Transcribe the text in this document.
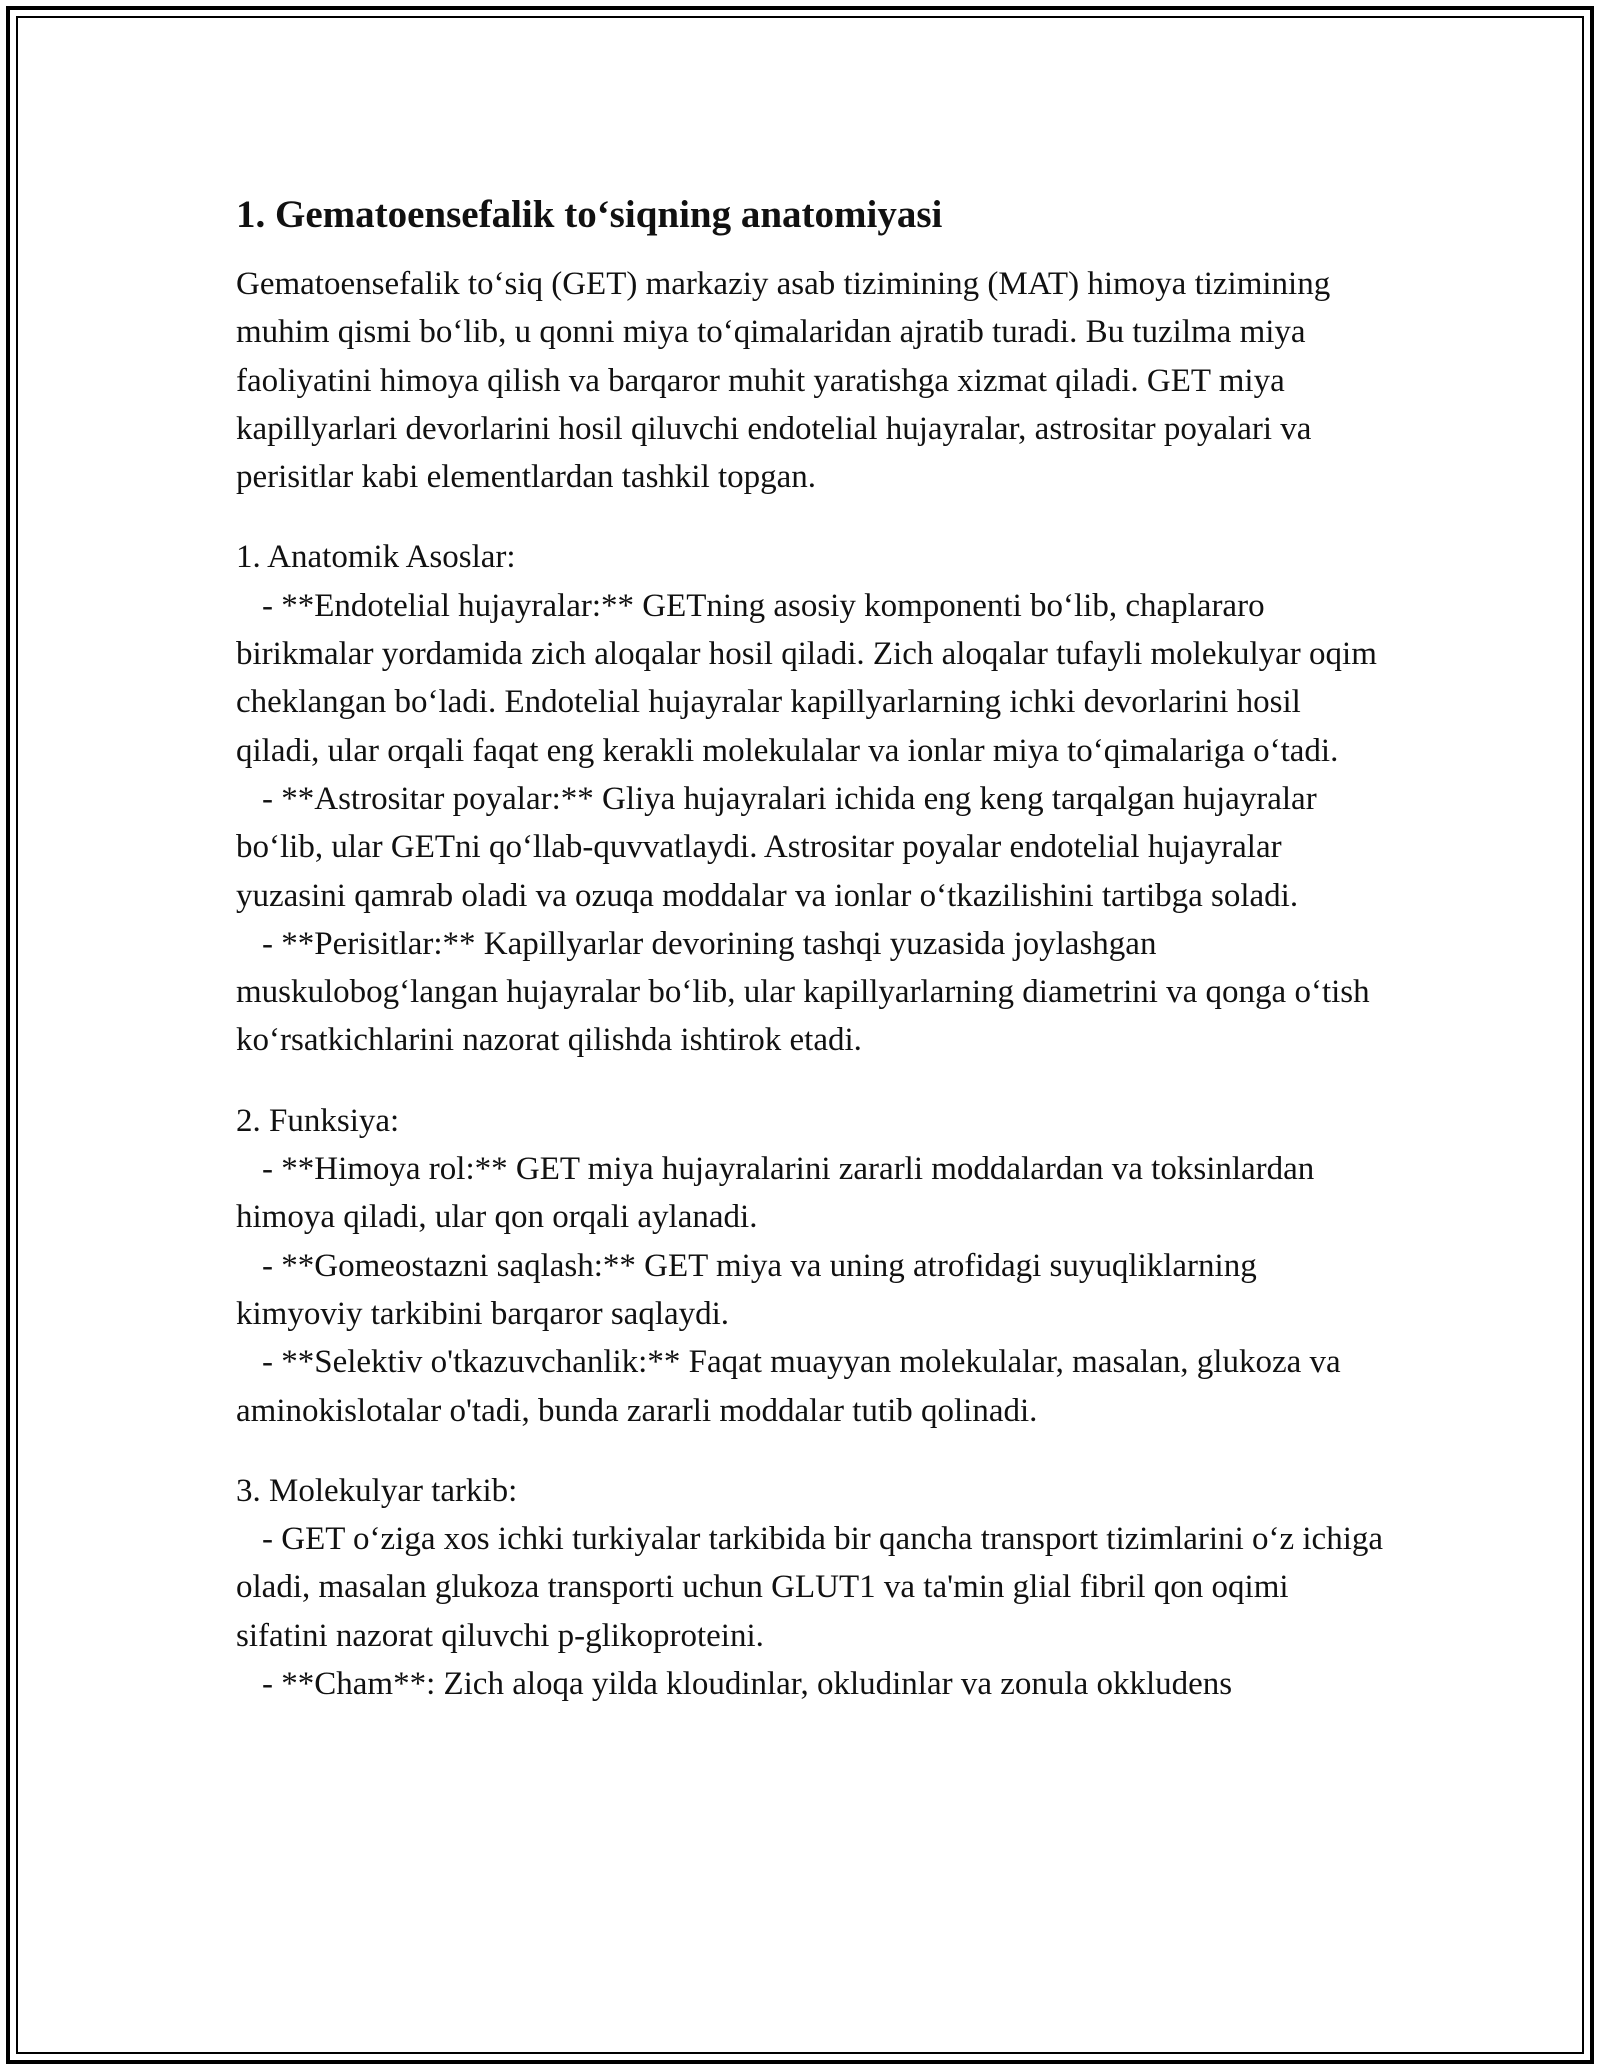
1. Gematoensefalik to‘siqning anatomiyasi

Gematoensefalik to‘siq (GET) markaziy asab tizimining (MAT) himoya tizimining muhim qismi bo‘lib, u qonni miya to‘qimalaridan ajratib turadi. Bu tuzilma miya faoliyatini himoya qilish va barqaror muhit yaratishga xizmat qiladi. GET miya kapillyarlari devorlarini hosil qiluvchi endotelial hujayralar, astrositar poyalari va perisitlar kabi elementlardan tashkil topgan.

1. Anatomik Asoslar:

- **Endotelial hujayralar:** GETning asosiy komponenti bo‘lib, chaplararo birikmalar yordamida zich aloqalar hosil qiladi. Zich aloqalar tufayli molekulyar oqim cheklangan bo‘ladi. Endotelial hujayralar kapillyarlarning ichki devorlarini hosil qiladi, ular orqali faqat eng kerakli molekulalar va ionlar miya to‘qimalariga o‘tadi.

- **Astrositar poyalar:** Gliya hujayralari ichida eng keng tarqalgan hujayralar bo‘lib, ular GETni qo‘llab-quvvatlaydi. Astrositar poyalar endotelial hujayralar yuzasini qamrab oladi va ozuqa moddalar va ionlar o‘tkazilishini tartibga soladi.

- **Perisitlar:** Kapillyarlar devorining tashqi yuzasida joylashgan muskulobog‘langan hujayralar bo‘lib, ular kapillyarlarning diametrini va qonga o‘tish ko‘rsatkichlarini nazorat qilishda ishtirok etadi.

2. Funksiya:

- **Himoya rol:** GET miya hujayralarini zararli moddalardan va toksinlardan himoya qiladi, ular qon orqali aylanadi.

- **Gomeostazni saqlash:** GET miya va uning atrofidagi suyuqliklarning kimyoviy tarkibini barqaror saqlaydi.

- **Selektiv o'tkazuvchanlik:** Faqat muayyan molekulalar, masalan, glukoza va aminokislotalar o'tadi, bunda zararli moddalar tutib qolinadi.

3. Molekulyar tarkib:

- GET o‘ziga xos ichki turkiyalar tarkibida bir qancha transport tizimlarini o‘z ichiga oladi, masalan glukoza transporti uchun GLUT1 va ta'min glial fibril qon oqimi sifatini nazorat qiluvchi p-glikoproteini.

- **Cham**: Zich aloqa yilda kloudinlar, okludinlar va zonula okkludens
